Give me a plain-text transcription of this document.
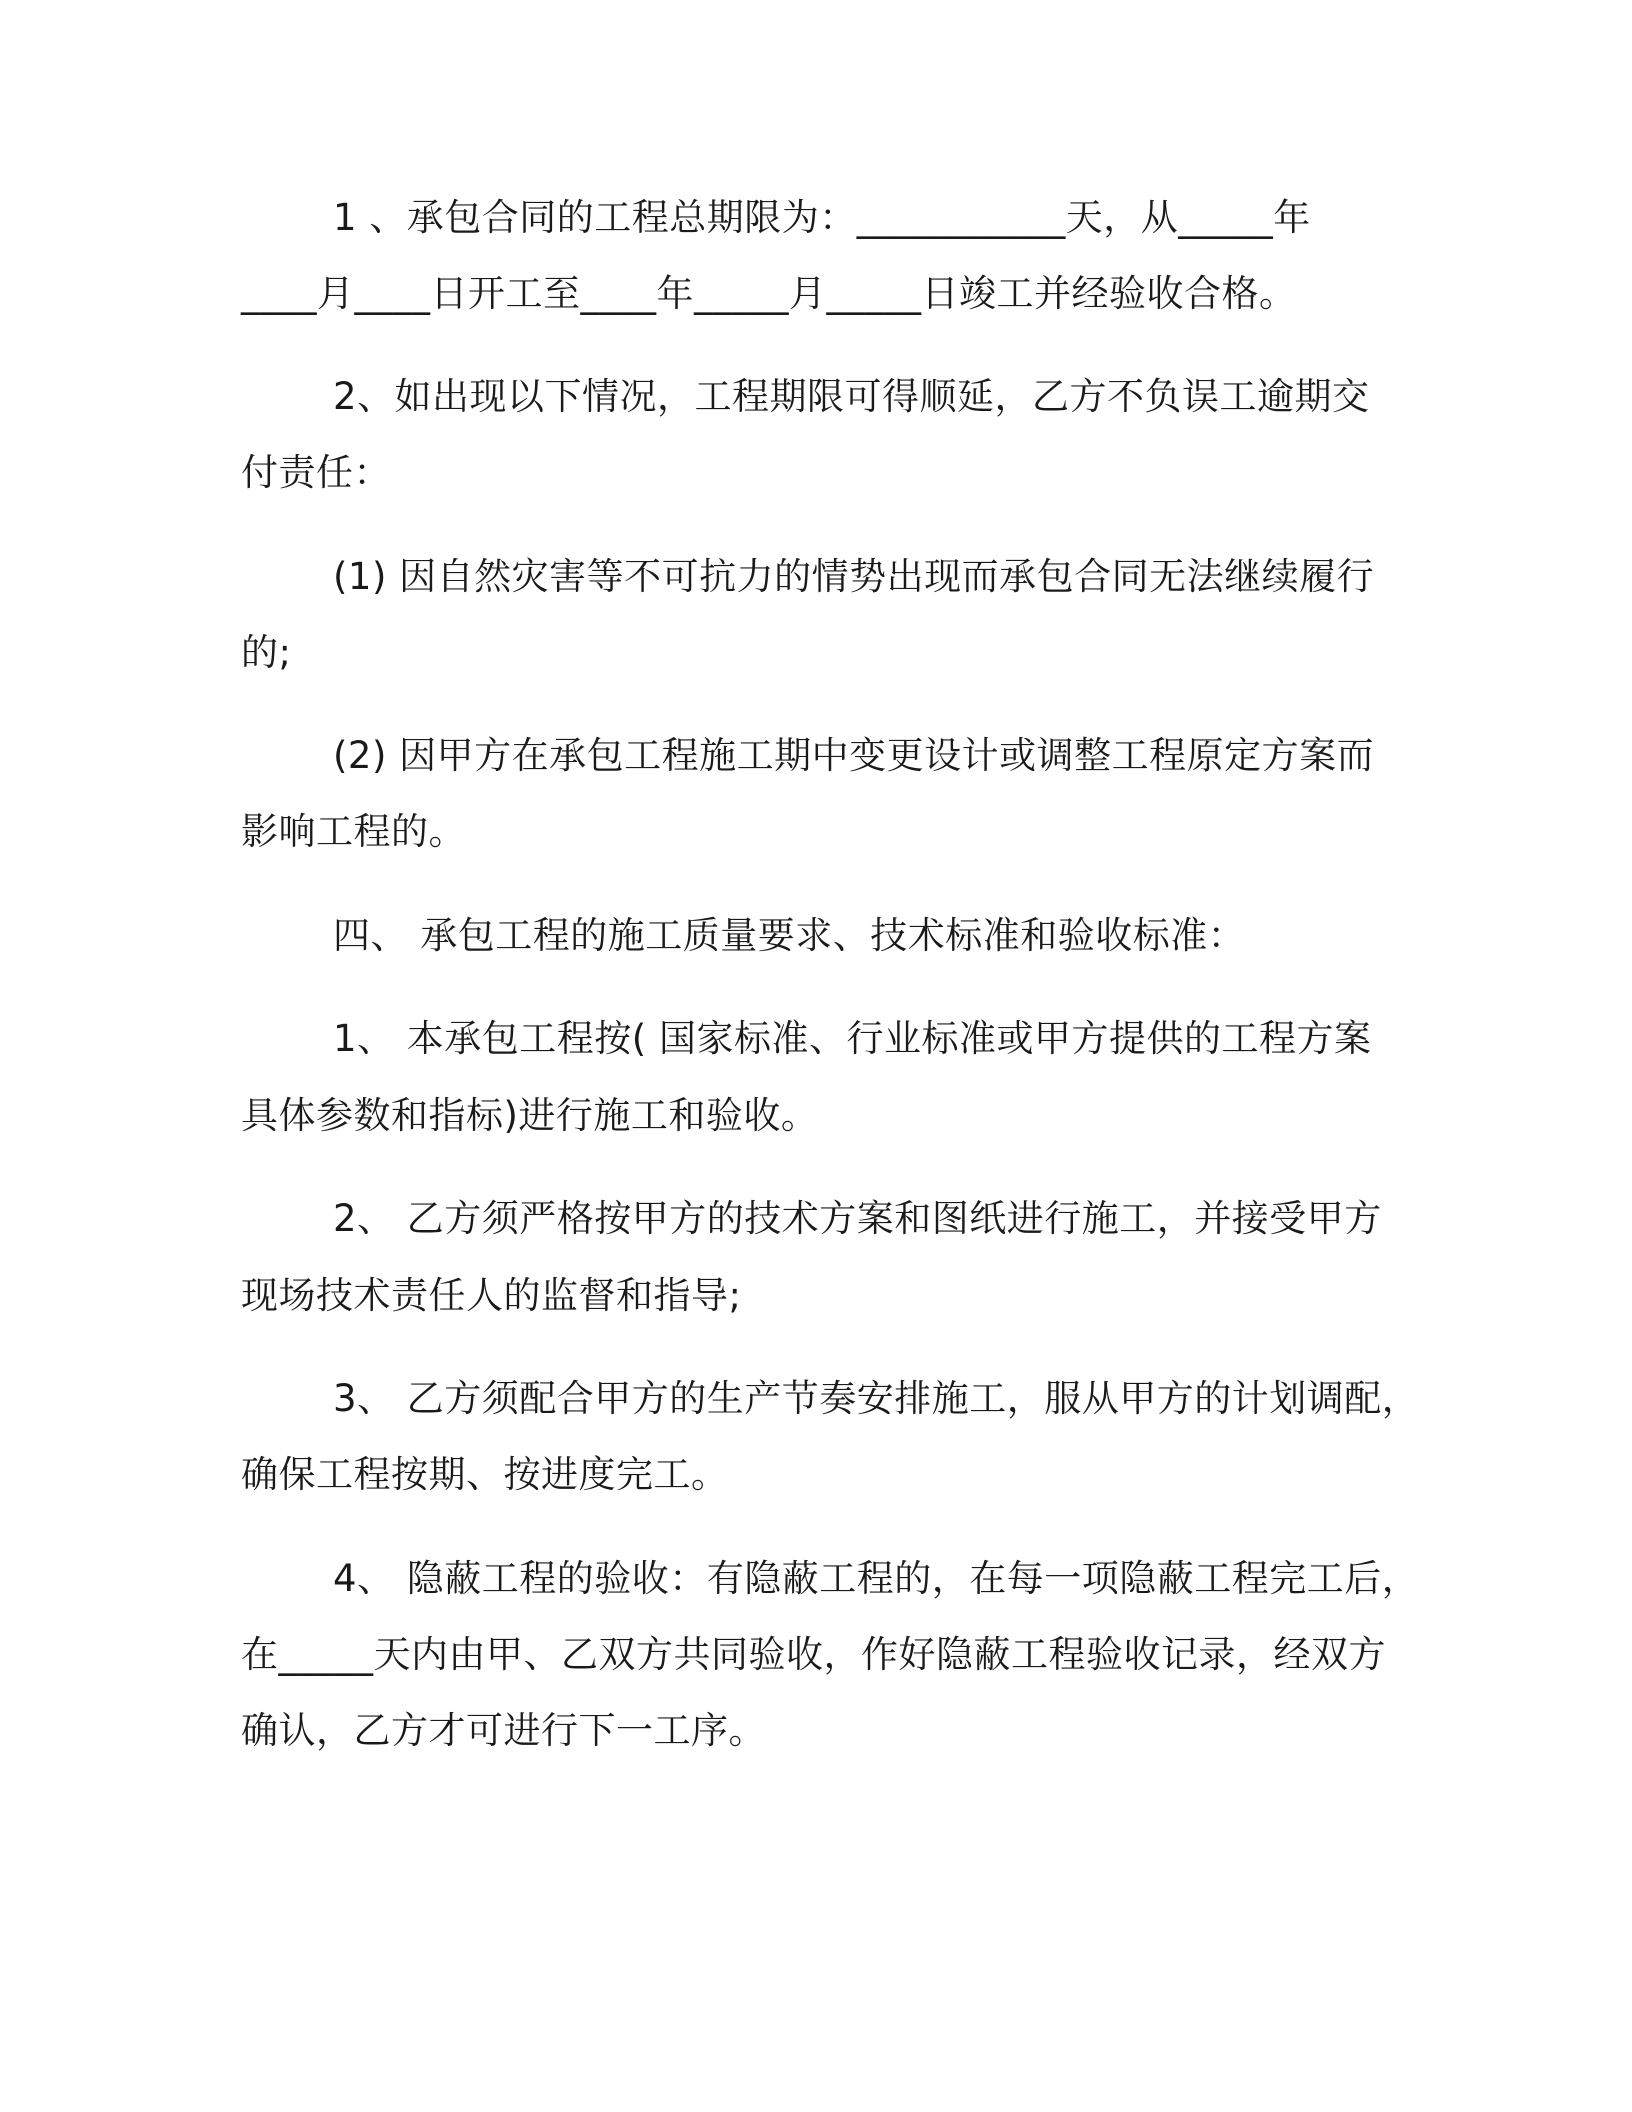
1 、承包合同的工程总期限为：___________天，从_____年
____月____日开工至____年_____月_____日竣工并经验收合格。
2、如出现以下情况，工程期限可得顺延，乙方不负误工逾期交
付责任：
(1) 因自然灾害等不可抗力的情势出现而承包合同无法继续履行
的;
(2) 因甲方在承包工程施工期中变更设计或调整工程原定方案而
影响工程的。
四、 承包工程的施工质量要求、技术标准和验收标准：
1、 本承包工程按( 国家标准、行业标准或甲方提供的工程方案
具体参数和指标)进行施工和验收。
2、 乙方须严格按甲方的技术方案和图纸进行施工，并接受甲方
现场技术责任人的监督和指导;
3、 乙方须配合甲方的生产节奏安排施工，服从甲方的计划调配，
确保工程按期、按进度完工。
4、 隐蔽工程的验收：有隐蔽工程的，在每一项隐蔽工程完工后，
在_____天内由甲、乙双方共同验收，作好隐蔽工程验收记录，经双方
确认，乙方才可进行下一工序。
